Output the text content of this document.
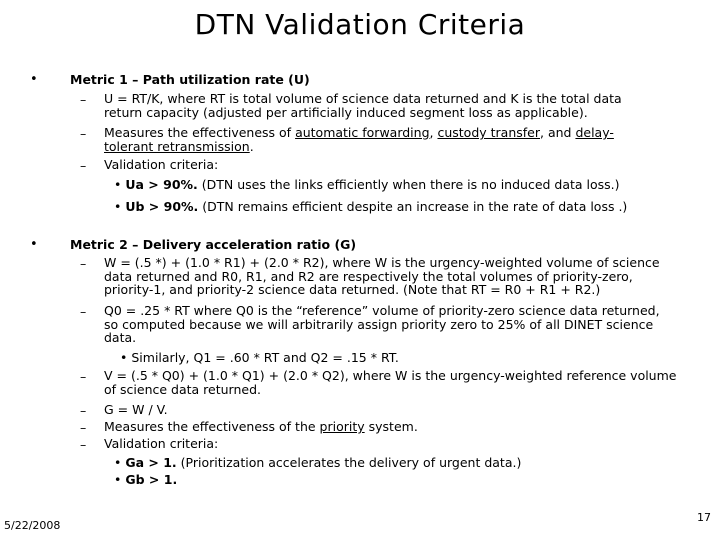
DTN Validation Criteria
•	Metric 1 – Path utilization rate (U)
– U = RT/K, where RT is total volume of science data returned and K is the total data
return capacity (adjusted per artificially induced segment loss as applicable).
– Measures the effectiveness of automatic forwarding, custody transfer, and delay-
tolerant retransmission.
– Validation criteria:
• Ua > 90%. (DTN uses the links efficiently when there is no induced data loss.)
• Ub > 90%. (DTN remains efficient despite an increase in the rate of data loss .)
•	Metric 2 – Delivery acceleration ratio (G)
– W = (.5 *) + (1.0 * R1) + (2.0 * R2), where W is the urgency-weighted volume of science
data returned and R0, R1, and R2 are respectively the total volumes of priority-zero,
priority-1, and priority-2 science data returned. (Note that RT = R0 + R1 + R2.)
– Q0 = .25 * RT where Q0 is the “reference” volume of priority-zero science data returned,
so computed because we will arbitrarily assign priority zero to 25% of all DINET science
data.
• Similarly, Q1 = .60 * RT and Q2 = .15 * RT.
– V = (.5 * Q0) + (1.0 * Q1) + (2.0 * Q2), where W is the urgency-weighted reference volume
of science data returned.
– G = W / V.
– Measures the effectiveness of the priority system.
– Validation criteria:
• Ga > 1. (Prioritization accelerates the delivery of urgent data.)
• Gb > 1.
5/22/2008
17
